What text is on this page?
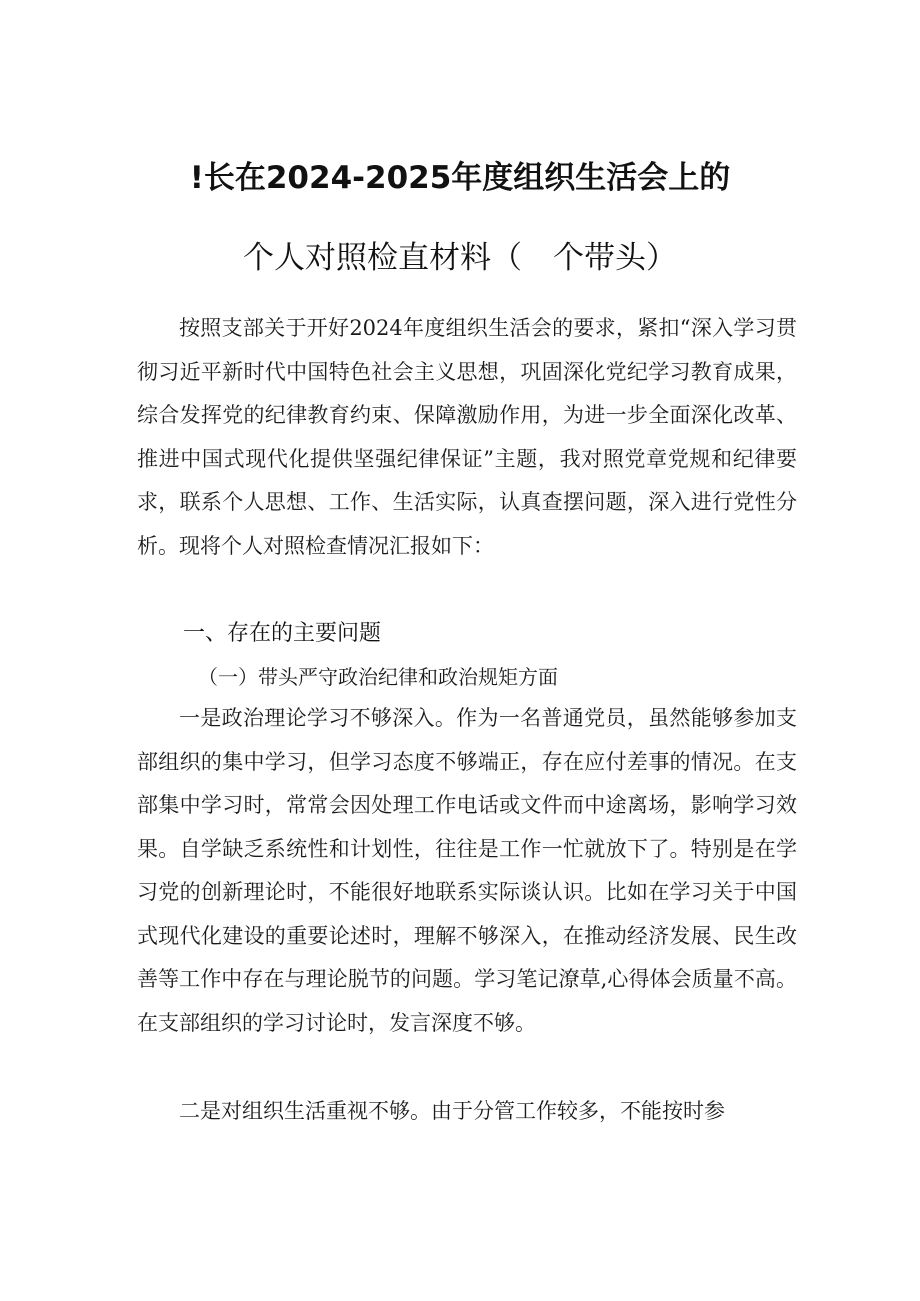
!长在2024-2025年度组织生活会上的
个人对照检直材料（　个带头）

按照支部关于开好2024年度组织生活会的要求，紧扣“深入学习贯彻习近平新时代中国特色社会主义思想，巩固深化党纪学习教育成果，综合发挥党的纪律教育约束、保障激励作用，为进一步全面深化改革、推进中国式现代化提供坚强纪律保证”主题，我对照党章党规和纪律要求，联系个人思想、工作、生活实际，认真查摆问题，深入进行党性分析。现将个人对照检查情况汇报如下：

一、存在的主要问题
（一）带头严守政治纪律和政治规矩方面

一是政治理论学习不够深入。作为一名普通党员，虽然能够参加支部组织的集中学习，但学习态度不够端正，存在应付差事的情况。在支部集中学习时，常常会因处理工作电话或文件而中途离场，影响学习效果。自学缺乏系统性和计划性，往往是工作一忙就放下了。特别是在学习党的创新理论时，不能很好地联系实际谈认识。比如在学习关于中国式现代化建设的重要论述时，理解不够深入，在推动经济发展、民生改善等工作中存在与理论脱节的问题。学习笔记潦草,心得体会质量不高。在支部组织的学习讨论时，发言深度不够。

二是对组织生活重视不够。由于分管工作较多，不能按时参
